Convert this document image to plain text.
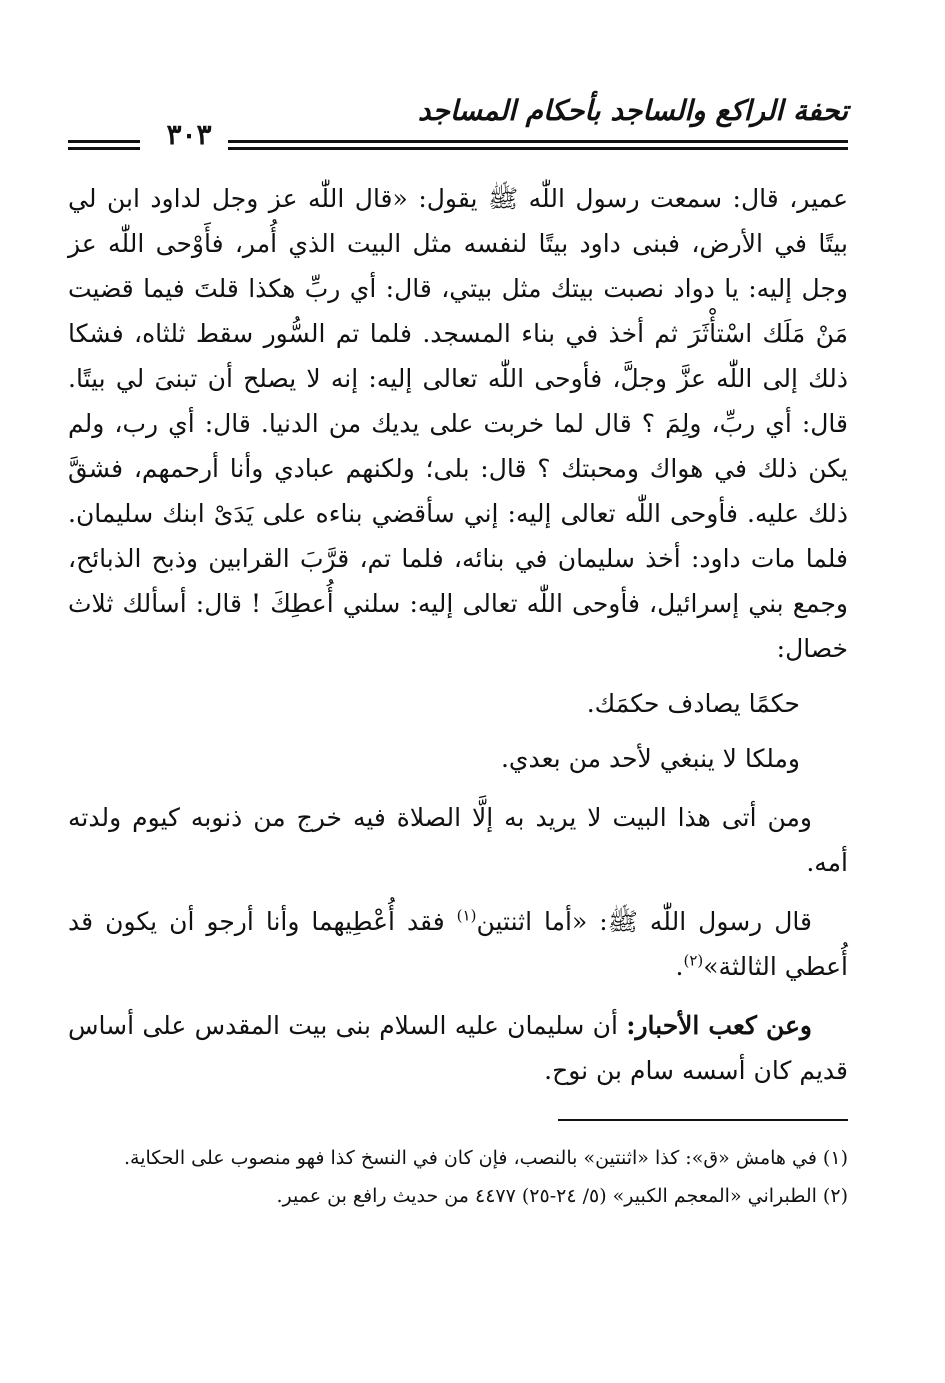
تحفة الراكع والساجد بأحكام المساجد
٣٠٣

عمير، قال: سمعت رسول اللّٰه ﷺ يقول: «قال اللّٰه عز وجل لداود ابن لي بيتًا في الأرض، فبنى داود بيتًا لنفسه مثل البيت الذي أُمر، فأَوْحى اللّٰه عز وجل إليه: يا دواد نصبت بيتك مثل بيتي، قال: أي ربِّ هكذا قلتَ فيما قضيت مَنْ مَلَك اسْتأْثَرَ ثم أخذ في بناء المسجد. فلما تم السُّور سقط ثلثاه، فشكا ذلك إلى اللّٰه عزَّ وجلَّ، فأوحى اللّٰه تعالى إليه: إنه لا يصلح أن تبنىَ لي بيتًا. قال: أي ربِّ، ولِمَ ؟ قال لما خربت على يديك من الدنيا. قال: أي رب، ولم يكن ذلك في هواك ومحبتك ؟ قال: بلى؛ ولكنهم عبادي وأنا أرحمهم، فشقَّ ذلك عليه. فأوحى اللّٰه تعالى إليه: إني سأقضي بناءه على يَدَىْ ابنك سليمان. فلما مات داود: أخذ سليمان في بنائه، فلما تم، قرَّبَ القرابين وذبح الذبائح، وجمع بني إسرائيل، فأوحى اللّٰه تعالى إليه: سلني أُعطِكَ ! قال: أسألك ثلاث خصال:

حكمًا يصادف حكمَك.

وملكا لا ينبغي لأحد من بعدي.

ومن أتى هذا البيت لا يريد به إلَّا الصلاة فيه خرج من ذنوبه كيوم ولدته أمه.

قال رسول اللّٰه ﷺ: «أما اثنتين$^{(١)}$ فقد أُعْطِيهما وأنا أرجو أن يكون قد أُعطي الثالثة»$^{(٢)}$.

وعن كعب الأحبار: أن سليمان عليه السلام بنى بيت المقدس على أساس قديم كان أسسه سام بن نوح.

(١) في هامش «ق»: كذا «اثنتين» بالنصب، فإن كان في النسخ كذا فهو منصوب على الحكاية.

(٢) الطبراني «المعجم الكبير» (٥/ ٢٤-٢٥) ٤٤٧٧ من حديث رافع بن عمير.
